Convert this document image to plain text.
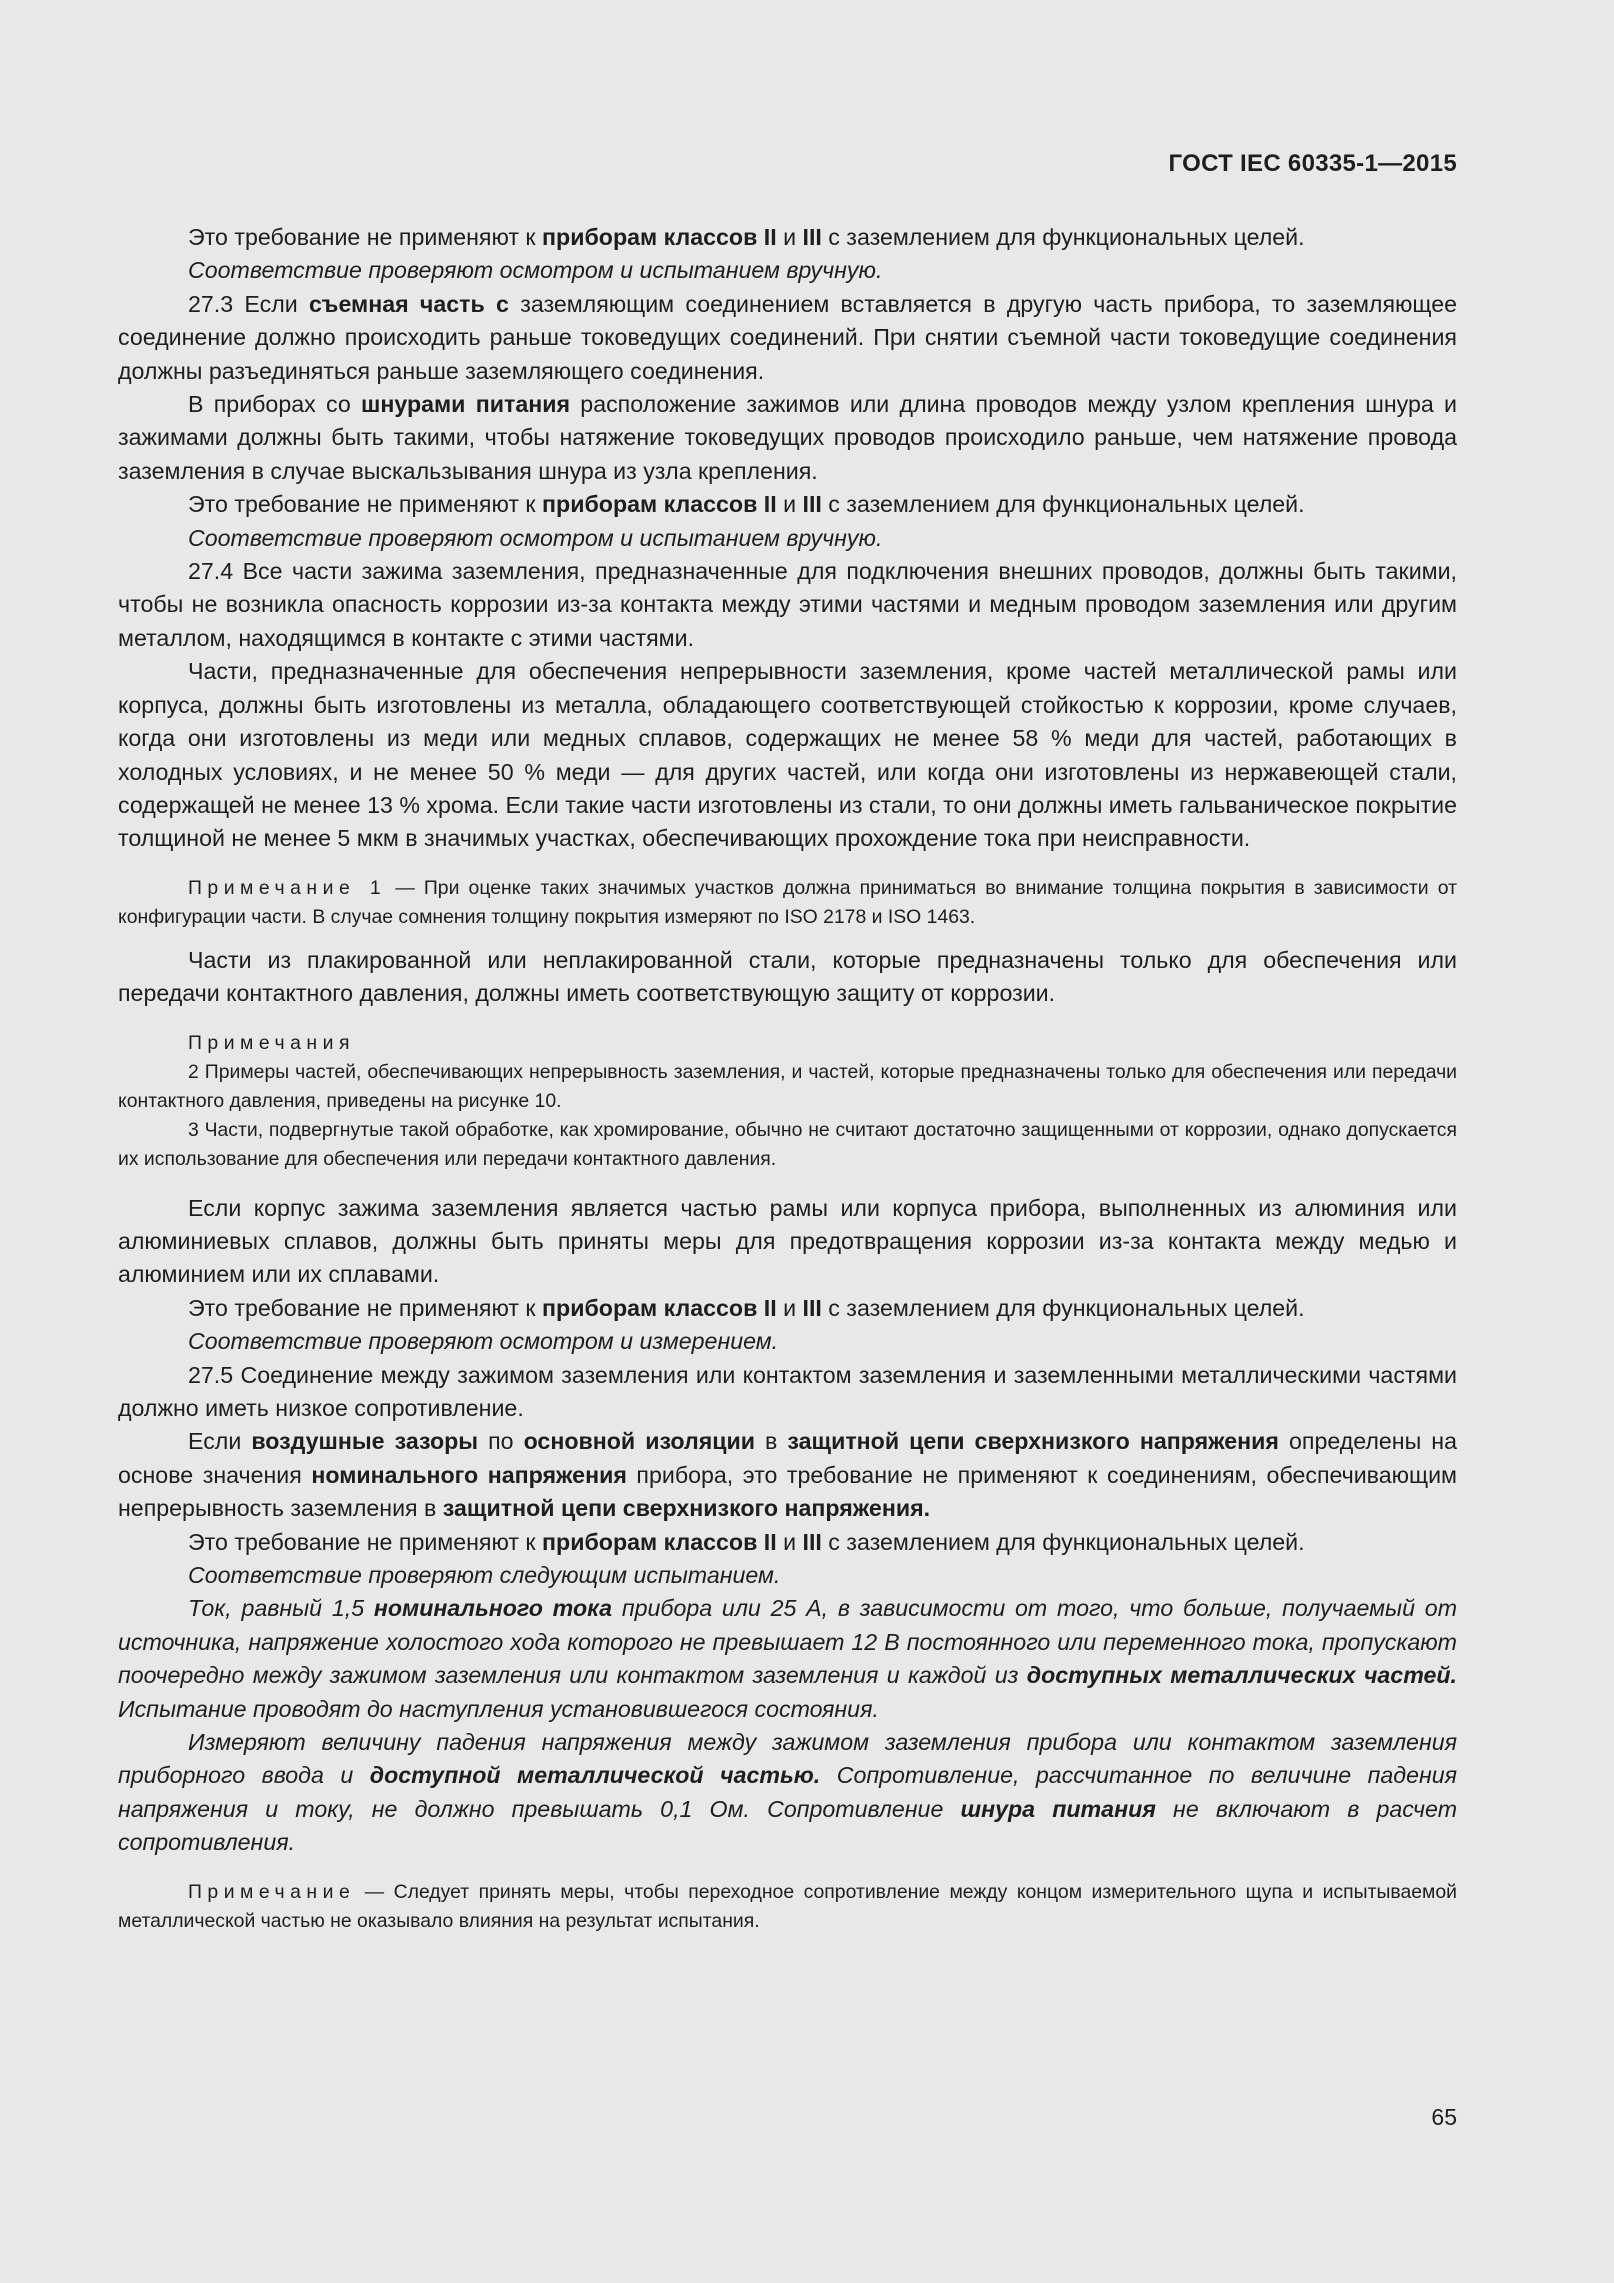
ГОСТ IEC 60335-1—2015

Это требование не применяют к приборам классов II и III с заземлением для функциональных целей.

Соответствие проверяют осмотром и испытанием вручную.

27.3 Если съемная часть с заземляющим соединением вставляется в другую часть прибора, то заземляющее соединение должно происходить раньше токоведущих соединений. При снятии съемной части токоведущие соединения должны разъединяться раньше заземляющего соединения.

В приборах со шнурами питания расположение зажимов или длина проводов между узлом крепления шнура и зажимами должны быть такими, чтобы натяжение токоведущих проводов происходило раньше, чем натяжение провода заземления в случае выскальзывания шнура из узла крепления.

Это требование не применяют к приборам классов II и III с заземлением для функциональных целей.

Соответствие проверяют осмотром и испытанием вручную.

27.4 Все части зажима заземления, предназначенные для подключения внешних проводов, должны быть такими, чтобы не возникла опасность коррозии из-за контакта между этими частями и медным проводом заземления или другим металлом, находящимся в контакте с этими частями.

Части, предназначенные для обеспечения непрерывности заземления, кроме частей металлической рамы или корпуса, должны быть изготовлены из металла, обладающего соответствующей стойкостью к коррозии, кроме случаев, когда они изготовлены из меди или медных сплавов, содержащих не менее 58 % меди для частей, работающих в холодных условиях, и не менее 50 % меди — для других частей, или когда они изготовлены из нержавеющей стали, содержащей не менее 13 % хрома. Если такие части изготовлены из стали, то они должны иметь гальваническое покрытие толщиной не менее 5 мкм в значимых участках, обеспечивающих прохождение тока при неисправности.

Примечание 1 — При оценке таких значимых участков должна приниматься во внимание толщина покрытия в зависимости от конфигурации части. В случае сомнения толщину покрытия измеряют по ISO 2178 и ISO 1463.

Части из плакированной или неплакированной стали, которые предназначены только для обеспечения или передачи контактного давления, должны иметь соответствующую защиту от коррозии.

Примечания
2 Примеры частей, обеспечивающих непрерывность заземления, и частей, которые предназначены только для обеспечения или передачи контактного давления, приведены на рисунке 10.
3 Части, подвергнутые такой обработке, как хромирование, обычно не считают достаточно защищенными от коррозии, однако допускается их использование для обеспечения или передачи контактного давления.

Если корпус зажима заземления является частью рамы или корпуса прибора, выполненных из алюминия или алюминиевых сплавов, должны быть приняты меры для предотвращения коррозии из-за контакта между медью и алюминием или их сплавами.

Это требование не применяют к приборам классов II и III с заземлением для функциональных целей.

Соответствие проверяют осмотром и измерением.

27.5 Соединение между зажимом заземления или контактом заземления и заземленными металлическими частями должно иметь низкое сопротивление.

Если воздушные зазоры по основной изоляции в защитной цепи сверхнизкого напряжения определены на основе значения номинального напряжения прибора, это требование не применяют к соединениям, обеспечивающим непрерывность заземления в защитной цепи сверхнизкого напряжения.

Это требование не применяют к приборам классов II и III с заземлением для функциональных целей.

Соответствие проверяют следующим испытанием.

Ток, равный 1,5 номинального тока прибора или 25 А, в зависимости от того, что больше, получаемый от источника, напряжение холостого хода которого не превышает 12 В постоянного или переменного тока, пропускают поочередно между зажимом заземления или контактом заземления и каждой из доступных металлических частей. Испытание проводят до наступления установившегося состояния.

Измеряют величину падения напряжения между зажимом заземления прибора или контактом заземления приборного ввода и доступной металлической частью. Сопротивление, рассчитанное по величине падения напряжения и току, не должно превышать 0,1 Ом. Сопротивление шнура питания не включают в расчет сопротивления.

Примечание — Следует принять меры, чтобы переходное сопротивление между концом измерительного щупа и испытываемой металлической частью не оказывало влияния на результат испытания.
65
